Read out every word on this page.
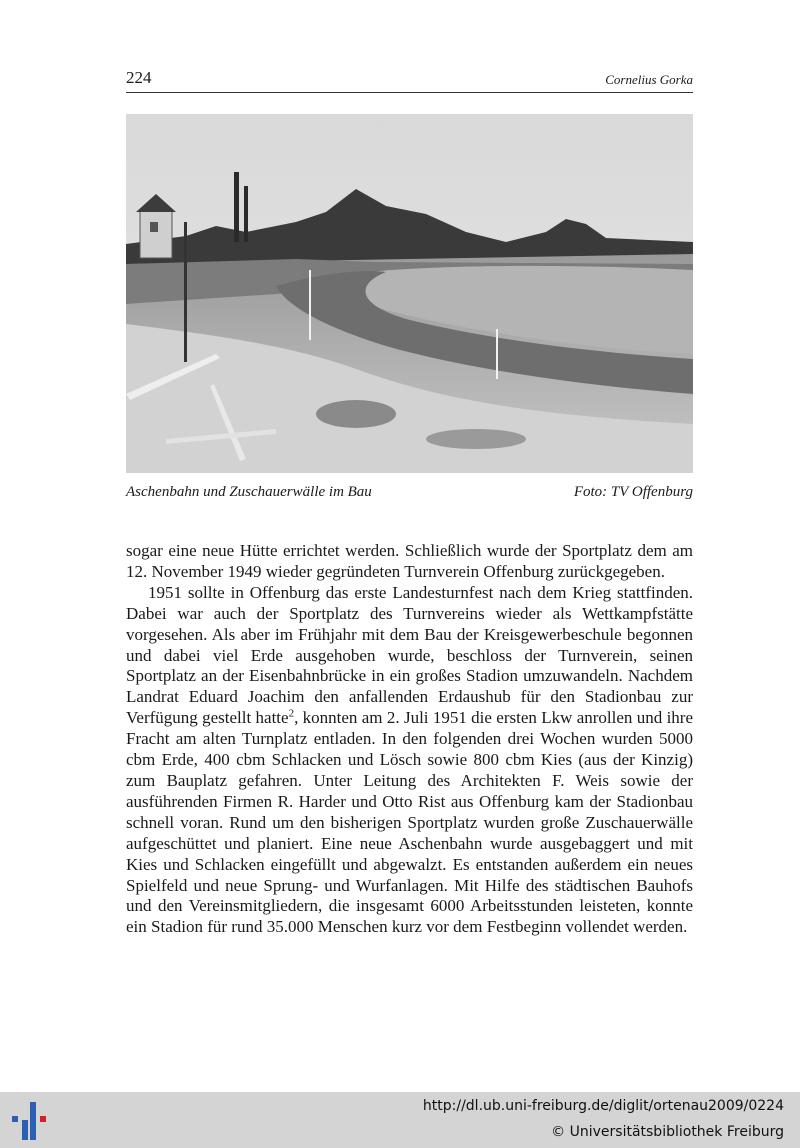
224	Cornelius Gorka
Aschenbahn und Zuschauerwälle im Bau	Foto: TV Offenburg

sogar eine neue Hütte errichtet werden. Schließlich wurde der Sportplatz dem am 12. November 1949 wieder gegründeten Turnverein Offenburg zurückgegeben.

1951 sollte in Offenburg das erste Landesturnfest nach dem Krieg stattfinden. Dabei war auch der Sportplatz des Turnvereins wieder als Wettkampfstätte vorgesehen. Als aber im Frühjahr mit dem Bau der Kreisgewerbeschule begonnen und dabei viel Erde ausgehoben wurde, beschloss der Turnverein, seinen Sportplatz an der Eisenbahnbrücke in ein großes Stadion umzuwandeln. Nachdem Landrat Eduard Joachim den anfallenden Erdaushub für den Stadionbau zur Verfügung gestellt hatte$^2$, konnten am 2. Juli 1951 die ersten Lkw anrollen und ihre Fracht am alten Turnplatz entladen. In den folgenden drei Wochen wurden 5000 cbm Erde, 400 cbm Schlacken und Lösch sowie 800 cbm Kies (aus der Kinzig) zum Bauplatz gefahren. Unter Leitung des Architekten F. Weis sowie der ausführenden Firmen R. Harder und Otto Rist aus Offenburg kam der Stadionbau schnell voran. Rund um den bisherigen Sportplatz wurden große Zuschauerwälle aufgeschüttet und planiert. Eine neue Aschenbahn wurde ausgebaggert und mit Kies und Schlacken eingefüllt und abgewalzt. Es entstanden außerdem ein neues Spielfeld und neue Sprung- und Wurfanlagen. Mit Hilfe des städtischen Bauhofs und den Vereinsmitgliedern, die insgesamt 6000 Arbeitsstunden leisteten, konnte ein Stadion für rund 35.000 Menschen kurz vor dem Festbeginn vollendet werden.

http://dl.ub.uni-freiburg.de/diglit/ortenau2009/0224
© Universitätsbibliothek Freiburg
